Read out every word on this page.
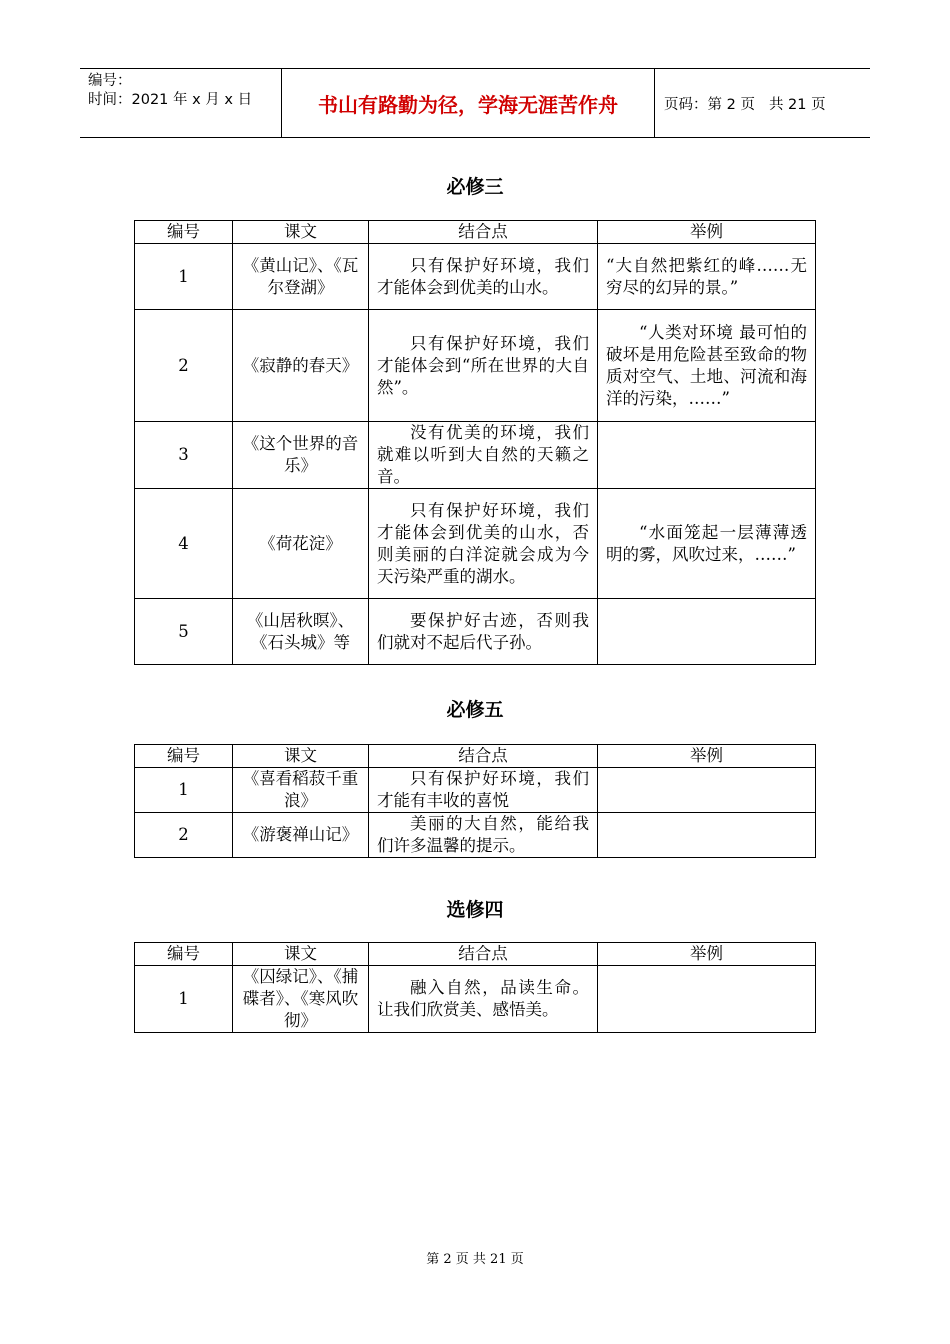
编号：
时间：2021 年 x 月 x 日	书山有路勤为径，学海无涯苦作舟	页码：第 2 页 共 21 页
必修三
编号	课文	结合点	举例
1	《黄山记》、《瓦尔登湖》	只有保护好环境，我们才能体会到优美的山水。	“大自然把紫红的峰……无穷尽的幻异的景。”
2	《寂静的春天》	只有保护好环境，我们才能体会到“所在世界的大自然”。	“人类对环境 最可怕的破坏是用危险甚至致命的物质对空气、土地、河流和海洋的污染，……”
3	《这个世界的音乐》	没有优美的环境，我们就难以听到大自然的天籁之音。	
4	《荷花淀》	只有保护好环境，我们才能体会到优美的山水，否则美丽的白洋淀就会成为今天污染严重的湖水。	“水面笼起一层薄薄透明的雾，风吹过来，……”
5	《山居秋暝》、《石头城》等	要保护好古迹，否则我们就对不起后代子孙。	
必修五
编号	课文	结合点	举例
1	《喜看稻菽千重浪》	只有保护好环境，我们才能有丰收的喜悦	
2	《游褒禅山记》	美丽的大自然，能给我们许多温馨的提示。	
选修四
编号	课文	结合点	举例
1	《囚绿记》、《捕碟者》、《寒风吹彻》	融入自然，品读生命。让我们欣赏美、感悟美。	
第 2 页 共 21 页
